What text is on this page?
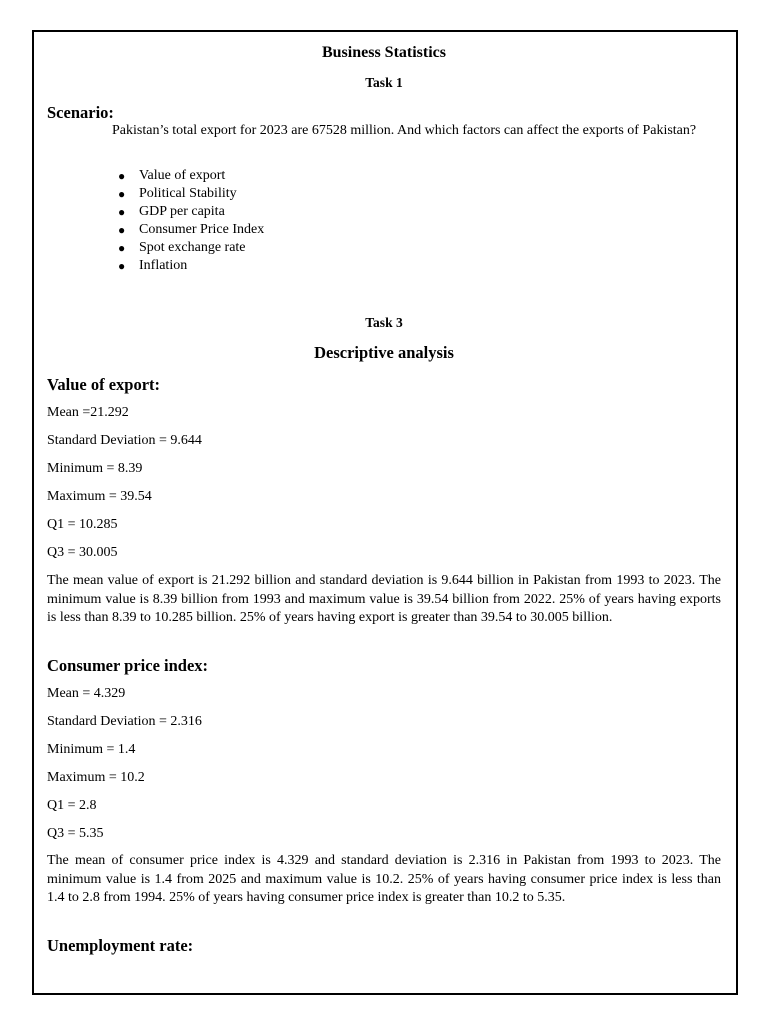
Business Statistics
Task 1
Scenario:
Pakistan’s total export for 2023 are 67528 million. And which factors can affect the exports of Pakistan?
● Value of export
● Political Stability
● GDP per capita
● Consumer Price Index
● Spot exchange rate
● Inflation
Task 3
Descriptive analysis
Value of export:
Mean =21.292
Standard Deviation = 9.644
Minimum = 8.39
Maximum = 39.54
Q1 = 10.285
Q3 = 30.005
The mean value of export is 21.292 billion and standard deviation is 9.644 billion in Pakistan from 1993 to 2023. The minimum value is 8.39 billion from 1993 and maximum value is 39.54 billion from 2022. 25% of years having exports is less than 8.39 to 10.285 billion. 25% of years having export is greater than 39.54 to 30.005 billion.
Consumer price index:
Mean = 4.329
Standard Deviation = 2.316
Minimum = 1.4
Maximum = 10.2
Q1 = 2.8
Q3 = 5.35
The mean of consumer price index is 4.329 and standard deviation is 2.316 in Pakistan from 1993 to 2023. The minimum value is 1.4 from 2025 and maximum value is 10.2. 25% of years having consumer price index is less than 1.4 to 2.8 from 1994. 25% of years having consumer price index is greater than 10.2 to 5.35.
Unemployment rate:
